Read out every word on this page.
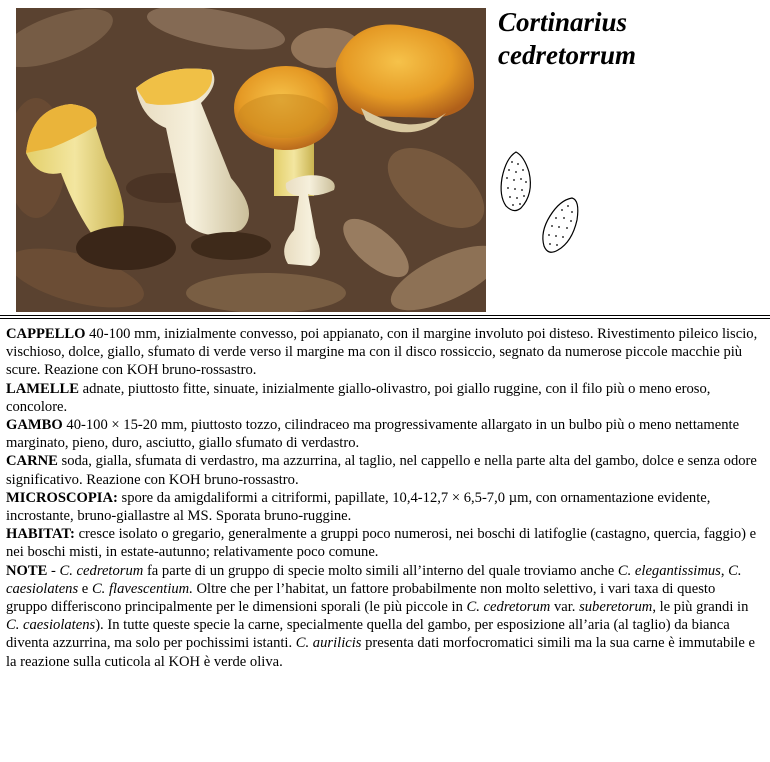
Cortinarius
cedretorrum

CAPPELLO 40-100 mm, inizialmente convesso, poi appianato, con il margine involuto poi disteso. Rivestimento pileico liscio, vischioso, dolce, giallo, sfumato di verde verso il margine ma con il disco rossiccio, segnato da numerose piccole macchie più scure. Reazione con KOH bruno-rossastro.

LAMELLE adnate, piuttosto fitte, sinuate, inizialmente giallo-olivastro, poi giallo ruggine, con il filo più o meno eroso, concolore.

GAMBO 40-100 × 15-20 mm, piuttosto tozzo, cilindraceo ma progressivamente allargato in un bulbo più o meno nettamente marginato, pieno, duro, asciutto, giallo sfumato di verdastro.

CARNE soda, gialla, sfumata di verdastro, ma azzurrina, al taglio, nel cappello e nella parte alta del gambo, dolce e senza odore significativo. Reazione con KOH bruno-rossastro.

MICROSCOPIA: spore da amigdaliformi a citriformi, papillate, 10,4-12,7 × 6,5-7,0 µm, con ornamentazione evidente, incrostante, bruno-giallastre al MS. Sporata bruno-ruggine.

HABITAT: cresce isolato o gregario, generalmente a gruppi poco numerosi, nei boschi di latifoglie (castagno, quercia, faggio) e nei boschi misti, in estate-autunno; relativamente poco comune.

NOTE - C. cedretorum fa parte di un gruppo di specie molto simili all’interno del quale troviamo anche C. elegantissimus, C. caesiolatens e C. flavescentium. Oltre che per l’habitat, un fattore probabilmente non molto selettivo, i vari taxa di questo gruppo differiscono principalmente per le dimensioni sporali (le più piccole in C. cedretorum var. suberetorum, le più grandi in C. caesiolatens). In tutte queste specie la carne, specialmente quella del gambo, per esposizione all’aria (al taglio) da bianca diventa azzurrina, ma solo per pochissimi istanti. C. aurilicis presenta dati morfocromatici simili ma la sua carne è immutabile e la reazione sulla cuticola al KOH è verde oliva.
